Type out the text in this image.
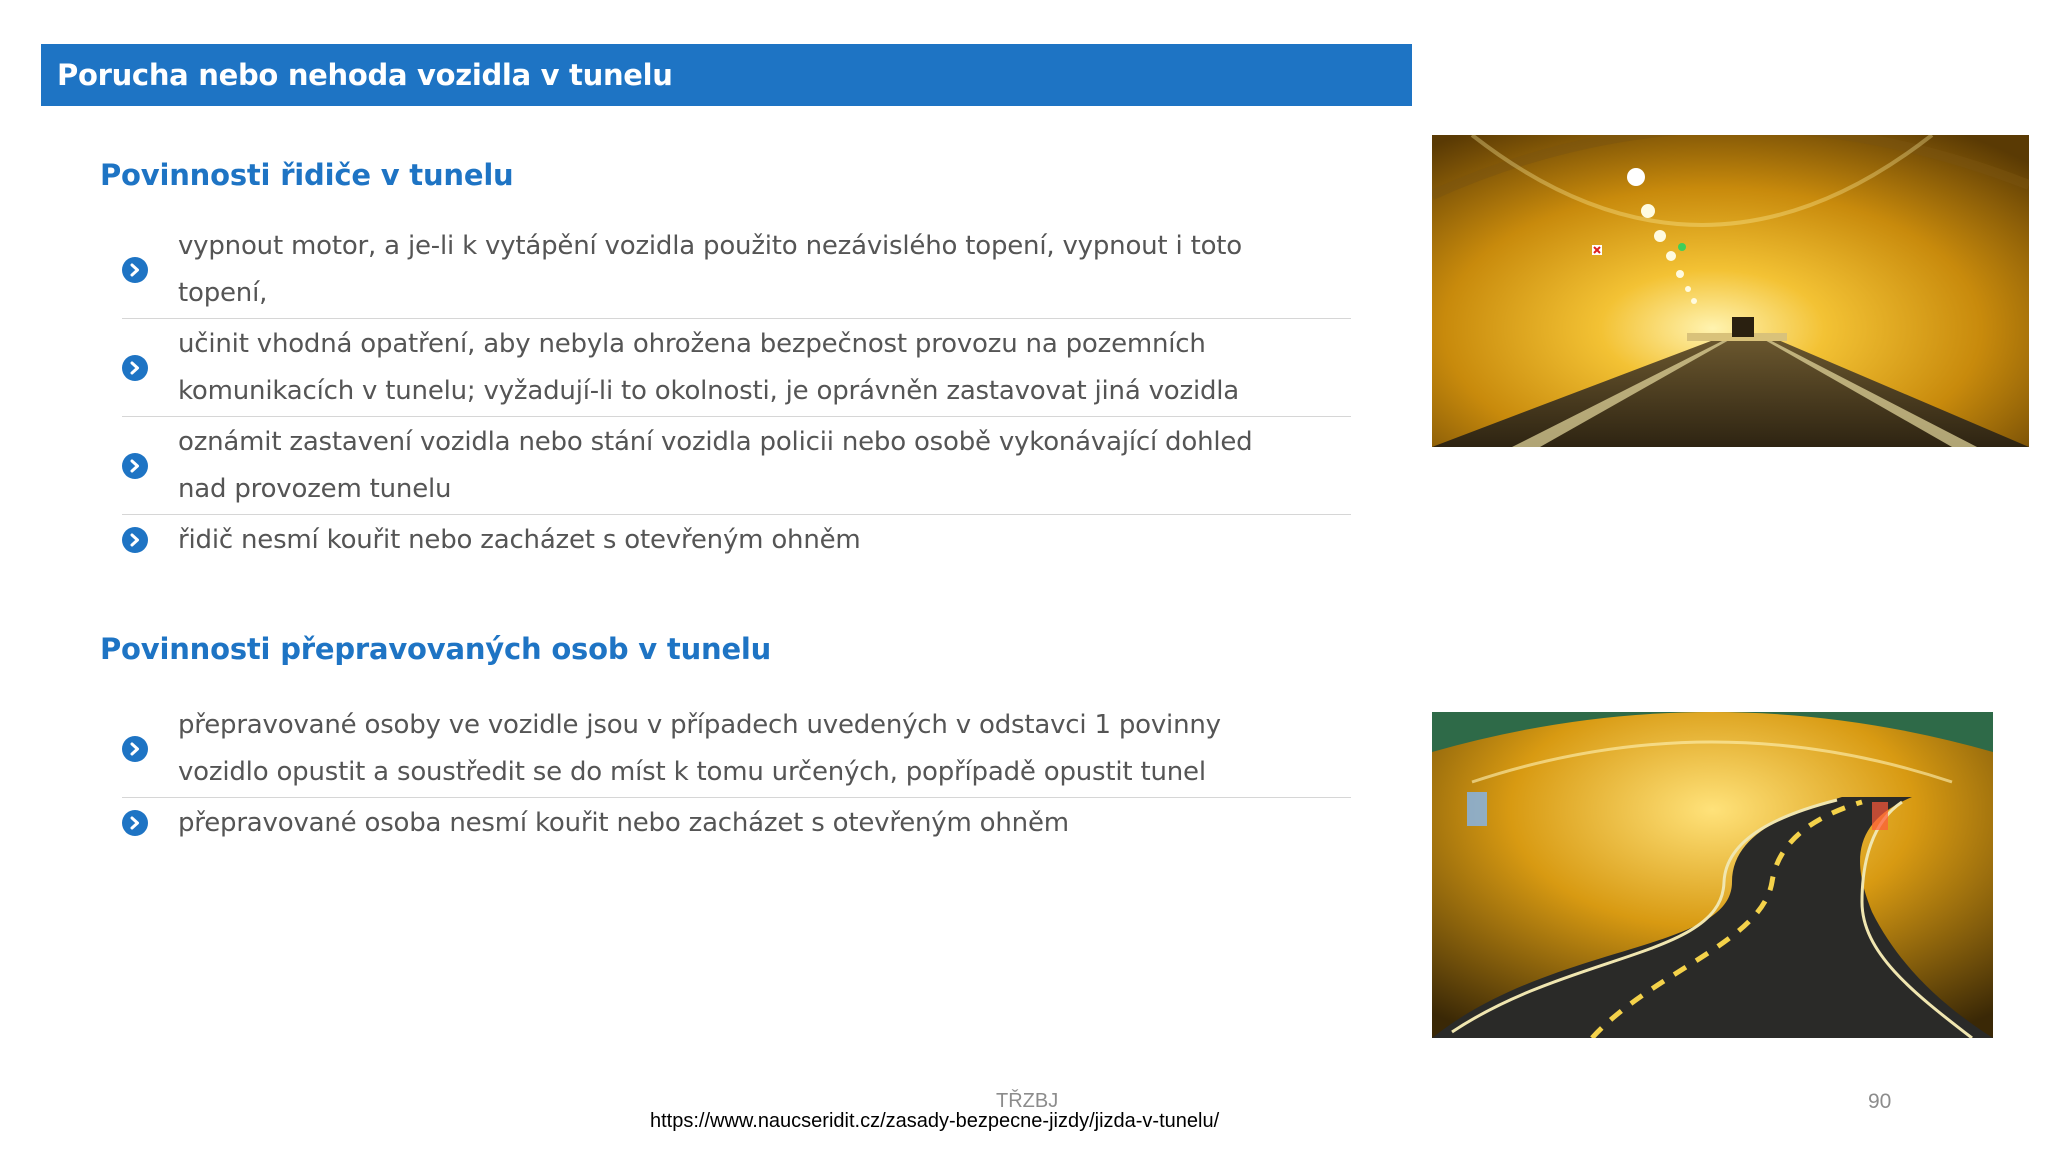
Porucha nebo nehoda vozidla v tunelu
Povinnosti řidiče v tunelu
vypnout motor, a je-li k vytápění vozidla použito nezávislého topení, vypnout i toto
topení,
učinit vhodná opatření, aby nebyla ohrožena bezpečnost provozu na pozemních
komunikacích v tunelu; vyžadují-li to okolnosti, je oprávněn zastavovat jiná vozidla
oznámit zastavení vozidla nebo stání vozidla policii nebo osobě vykonávající dohled
nad provozem tunelu
řidič nesmí kouřit nebo zacházet s otevřeným ohněm
Povinnosti přepravovaných osob v tunelu
přepravované osoby ve vozidle jsou v případech uvedených v odstavci 1 povinny
vozidlo opustit a soustředit se do míst k tomu určených, popřípadě opustit tunel
přepravované osoba nesmí kouřit nebo zacházet s otevřeným ohněm
TŘZBJ
https://www.naucseridit.cz/zasady-bezpecne-jizdy/jizda-v-tunelu/
90
